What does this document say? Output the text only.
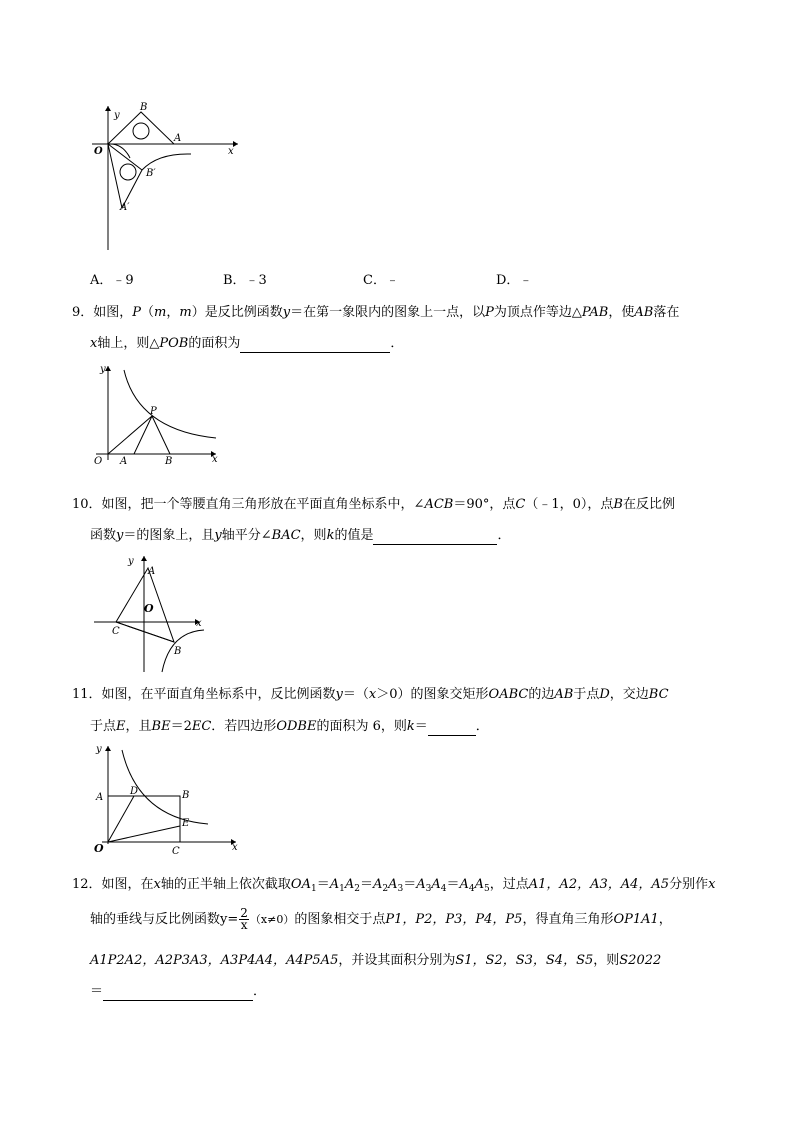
y
B
A
x
O
B′
A′
A．﹣9	B．﹣3	C．﹣	D．﹣
9．如图，P（m，m）是反比例函数y＝在第一象限内的图象上一点，以P为顶点作等边△PAB，使AB落在
x轴上，则△POB的面积为	．
y
P
O A	B	x
10．如图，把一个等腰直角三角形放在平面直角坐标系中，∠ACB＝90°，点C（﹣1，0），点B在反比例
函数y＝的图象上，且y轴平分∠BAC，则k的值是	．
y
A
O
C
x
B
11．如图，在平面直角坐标系中，反比例函数y＝（x＞0）的图象交矩形OABC的边AB于点D，交边BC
于点E，且BE＝2EC．若四边形ODBE的面积为 6，则k＝	．
y
A
D	B
E
O	C	x
12．如图，在x轴的正半轴上依次截取$OA_1=A_1A_2=A_2A_3=A_3A_4=A_4A_5$，过点A1，A2，A3，A4，A5分别作x
轴的垂线与反比例函数$y= \frac{2}{x} (x\ne 0)$的图象相交于点P1，P2，P3，P4，P5，得直角三角形OP1A1，
A1P2A2，A2P3A3，A3P4A4，A4P5A5，并设其面积分别为S1，S2，S3，S4，S5，则S2022
＝	．
